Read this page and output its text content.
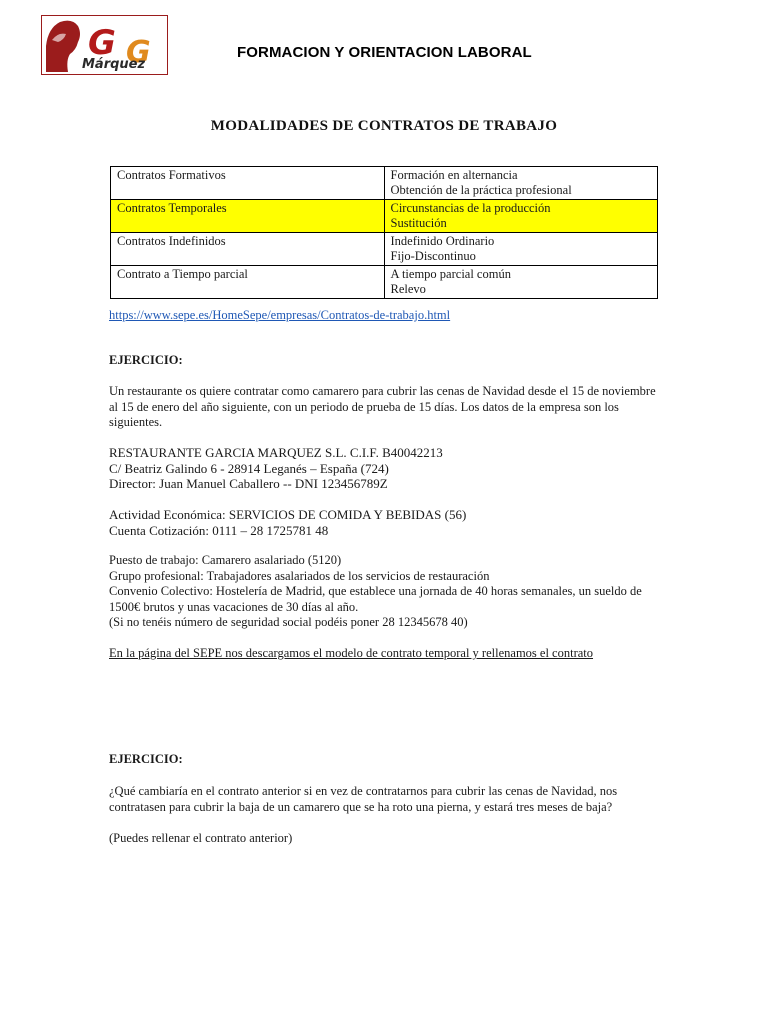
IES G G
Márquez
FORMACION Y ORIENTACION LABORAL
MODALIDADES DE CONTRATOS DE TRABAJO
Contratos Formativos	Formación en alternancia
Obtención de la práctica profesional

Contratos Temporales	Circunstancias de la producción
Sustitución

Contratos Indefinidos	Indefinido Ordinario
Fijo-Discontinuo

Contrato a Tiempo parcial	A tiempo parcial común
Relevo
https://www.sepe.es/HomeSepe/empresas/Contratos-de-trabajo.html
EJERCICIO:
Un restaurante os quiere contratar como camarero para cubrir las cenas de Navidad desde el 15 de noviembre al 15 de enero del año siguiente, con un periodo de prueba de 15 días. Los datos de la empresa son los siguientes.
RESTAURANTE GARCIA MARQUEZ S.L. C.I.F. B40042213
C/ Beatriz Galindo 6 - 28914 Leganés – España (724)
Director: Juan Manuel Caballero -- DNI 123456789Z
Actividad Económica: SERVICIOS DE COMIDA Y BEBIDAS (56)
Cuenta Cotización: 0111 – 28 1725781 48
Puesto de trabajo: Camarero asalariado (5120)
Grupo profesional: Trabajadores asalariados de los servicios de restauración
Convenio Colectivo: Hostelería de Madrid, que establece una jornada de 40 horas semanales, un sueldo de 1500€ brutos y unas vacaciones de 30 días al año.
(Si no tenéis número de seguridad social podéis poner 28 12345678 40)
En la página del SEPE nos descargamos el modelo de contrato temporal y rellenamos el contrato
EJERCICIO:
¿Qué cambiaría en el contrato anterior si en vez de contratarnos para cubrir las cenas de Navidad, nos contratasen para cubrir la baja de un camarero que se ha roto una pierna, y estará tres meses de baja?
(Puedes rellenar el contrato anterior)
